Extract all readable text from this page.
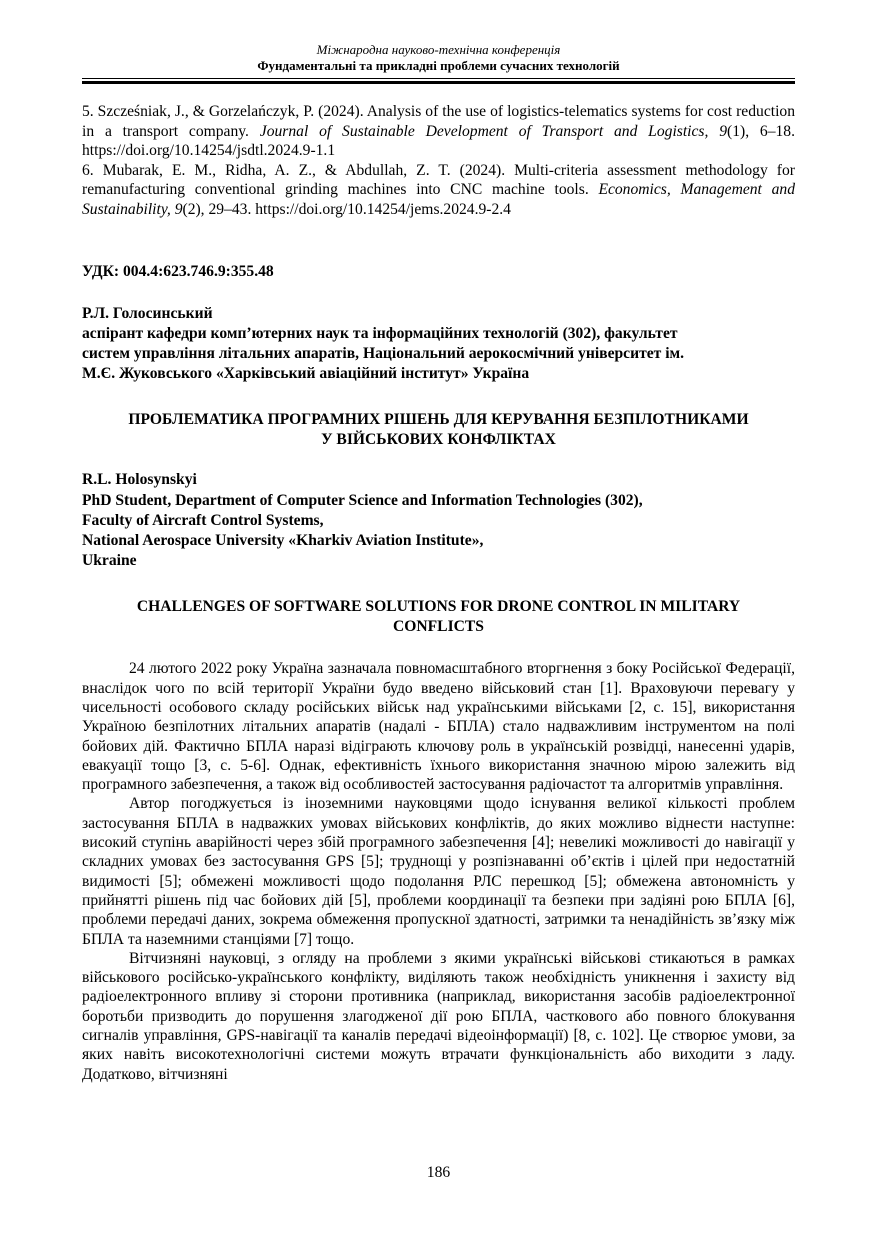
Міжнародна науково-технічна конференція
Фундаментальні та прикладні проблеми сучасних технологій

5. Szcześniak, J., & Gorzelańczyk, P. (2024). Analysis of the use of logistics-telematics systems for cost reduction in a transport company. Journal of Sustainable Development of Transport and Logistics, 9(1), 6–18. https://doi.org/10.14254/jsdtl.2024.9-1.1

6. Mubarak, E. M., Ridha, A. Z., & Abdullah, Z. T. (2024). Multi-criteria assessment methodology for remanufacturing conventional grinding machines into CNC machine tools. Economics, Management and Sustainability, 9(2), 29–43. https://doi.org/10.14254/jems.2024.9-2.4

УДК: 004.4:623.746.9:355.48
Р.Л. Голосинський
аспірант кафедри комп’ютерних наук та інформаційних технологій (302), факультет
систем управління літальних апаратів, Національний аерокосмічний університет ім.
М.Є. Жуковського «Харківський авіаційний інститут» Україна
ПРОБЛЕМАТИКА ПРОГРАМНИХ РІШЕНЬ ДЛЯ КЕРУВАННЯ БЕЗПІЛОТНИКАМИ
У ВІЙСЬКОВИХ КОНФЛІКТАХ
R.L. Holosynskyi
PhD Student, Department of Computer Science and Information Technologies (302),
Faculty of Aircraft Control Systems,
National Aerospace University «Kharkiv Aviation Institute»,
Ukraine
CHALLENGES OF SOFTWARE SOLUTIONS FOR DRONE CONTROL IN MILITARY
CONFLICTS

24 лютого 2022 року Україна зазначала повномасштабного вторгнення з боку Російської Федерації, внаслідок чого по всій території України будо введено військовий стан [1]. Враховуючи перевагу у чисельності особового складу російських військ над українськими військами [2, с. 15], використання Україною безпілотних літальних апаратів (надалі - БПЛА) стало надважливим інструментом на полі бойових дій. Фактично БПЛА наразі відіграють ключову роль в українській розвідці, нанесенні ударів, евакуації тощо [3, с. 5-6]. Однак, ефективність їхнього використання значною мірою залежить від програмного забезпечення, а також від особливостей застосування радіочастот та алгоритмів управління.

Автор погоджується із іноземними науковцями щодо існування великої кількості проблем застосування БПЛА в надважких умовах військових конфліктів, до яких можливо віднести наступне: високий ступінь аварійності через збій програмного забезпечення [4]; невеликі можливості до навігації у складних умовах без застосування GPS [5]; труднощі у розпізнаванні об’єктів і цілей при недостатній видимості [5]; обмежені можливості щодо подолання РЛС перешкод [5]; обмежена автономність у прийнятті рішень під час бойових дій [5], проблеми координації та безпеки при задіяні рою БПЛА [6], проблеми передачі даних, зокрема обмеження пропускної здатності, затримки та ненадійність зв’язку між БПЛА та наземними станціями [7] тощо.

Вітчизняні науковці, з огляду на проблеми з якими українські військові стикаються в рамках військового російсько-українського конфлікту, виділяють також необхідність уникнення і захисту від радіоелектронного впливу зі сторони противника (наприклад, використання засобів радіоелектронної боротьби призводить до порушення злагодженої дії рою БПЛА, часткового або повного блокування сигналів управління, GPS-навігації та каналів передачі відеоінформації) [8, с. 102]. Це створює умови, за яких навіть високотехнологічні системи можуть втрачати функціональність або виходити з ладу. Додатково, вітчизняні

186
